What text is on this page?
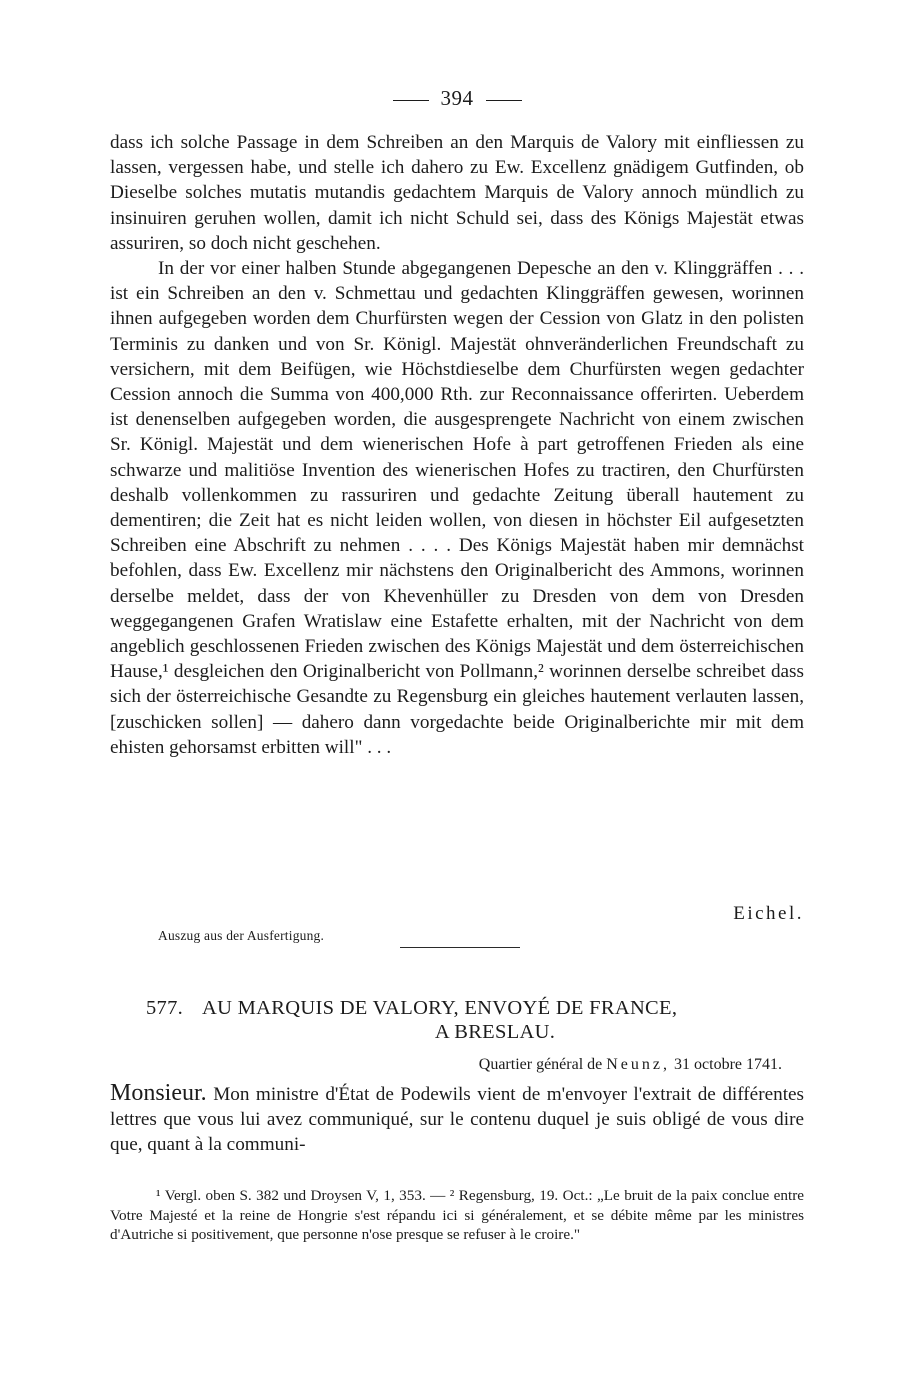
394

dass ich solche Passage in dem Schreiben an den Marquis de Valory mit einfliessen zu lassen, vergessen habe, und stelle ich dahero zu Ew. Excellenz gnädigem Gutfinden, ob Dieselbe solches mutatis mutandis gedachtem Marquis de Valory annoch mündlich zu insinuiren geruhen wollen, damit ich nicht Schuld sei, dass des Königs Majestät etwas assuriren, so doch nicht geschehen.

In der vor einer halben Stunde abgegangenen Depesche an den v. Klinggräffen . . . ist ein Schreiben an den v. Schmettau und gedachten Klinggräffen gewesen, worinnen ihnen aufgegeben worden dem Churfürsten wegen der Cession von Glatz in den polisten Terminis zu danken und von Sr. Königl. Majestät ohnveränderlichen Freundschaft zu versichern, mit dem Beifügen, wie Höchstdieselbe dem Churfürsten wegen gedachter Cession annoch die Summa von 400,000 Rth. zur Reconnaissance offerirten. Ueberdem ist denenselben aufgegeben worden, die ausgesprengete Nachricht von einem zwischen Sr. Königl. Majestät und dem wienerischen Hofe à part getroffenen Frieden als eine schwarze und malitiöse Invention des wienerischen Hofes zu tractiren, den Churfürsten deshalb vollenkommen zu rassuriren und gedachte Zeitung überall hautement zu dementiren; die Zeit hat es nicht leiden wollen, von diesen in höchster Eil aufgesetzten Schreiben eine Abschrift zu nehmen . . . . Des Königs Majestät haben mir demnächst befohlen, dass Ew. Excellenz mir nächstens den Originalbericht des Ammons, worinnen derselbe meldet, dass der von Khevenhüller zu Dresden von dem von Dresden weggegangenen Grafen Wratislaw eine Estafette erhalten, mit der Nachricht von dem angeblich geschlossenen Frieden zwischen des Königs Majestät und dem österreichischen Hause,¹ desgleichen den Originalbericht von Pollmann,² worinnen derselbe schreibet dass sich der österreichische Gesandte zu Regensburg ein gleiches hautement verlauten lassen, [zuschicken sollen] — dahero dann vorgedachte beide Originalberichte mir mit dem ehisten gehorsamst erbitten will" . . .

Eichel.
Auszug aus der Ausfertigung.
577. AU MARQUIS DE VALORY, ENVOYÉ DE FRANCE,
A BRESLAU.
Quartier général de Neunz, 31 octobre 1741.

Monsieur. Mon ministre d'État de Podewils vient de m'envoyer l'extrait de différentes lettres que vous lui avez communiqué, sur le contenu duquel je suis obligé de vous dire que, quant à la communi-

¹ Vergl. oben S. 382 und Droysen V, 1, 353. — ² Regensburg, 19. Oct.: „Le bruit de la paix conclue entre Votre Majesté et la reine de Hongrie s'est répandu ici si généralement, et se débite même par les ministres d'Autriche si positivement, que personne n'ose presque se refuser à le croire."
